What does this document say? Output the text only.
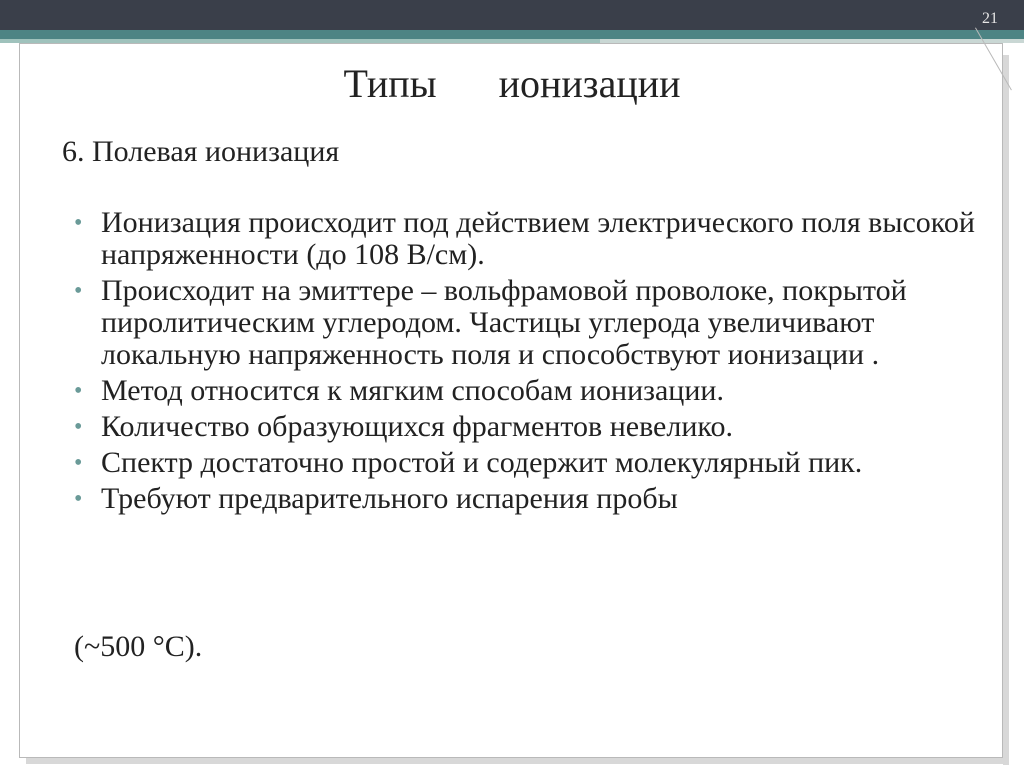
21
Типы ионизации
6. Полевая ионизация
• Ионизация происходит под действием электрического поля высокой напряженности (до 108 В/см).
• Происходит на эмиттере – вольфрамовой проволоке, покрытой пиролитическим углеродом. Частицы углерода увеличивают локальную напряженность поля и способствуют ионизации .
• Метод относится к мягким способам ионизации.
• Количество образующихся фрагментов невелико.
• Спектр достаточно простой и содержит молекулярный пик.
• Требуют предварительного испарения пробы
(~500 °C).
